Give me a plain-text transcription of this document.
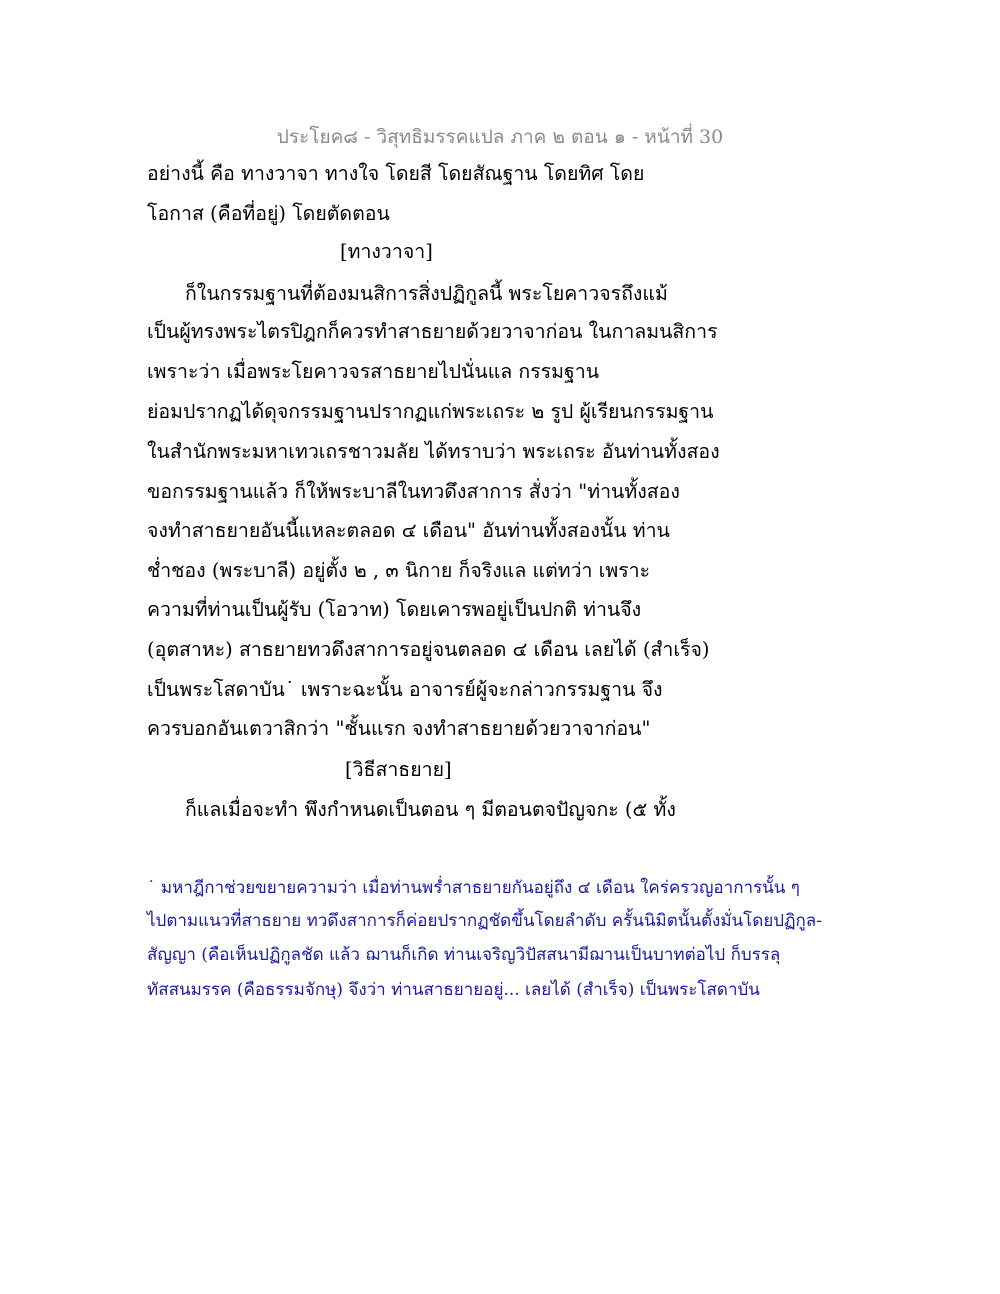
ประโยค๘ - วิสุทธิมรรคแปล ภาค ๒ ตอน ๑ - หน้าที่ 30
อย่างนี้ คือ ทางวาจา ทางใจ โดยสี โดยสัณฐาน โดยทิศ โดย
โอกาส (คือที่อยู่) โดยตัดตอน
[ทางวาจา]
ก็ในกรรมฐานที่ต้องมนสิการสิ่งปฏิกูลนี้ พระโยคาวจรถึงแม้
เป็นผู้ทรงพระไตรปิฎกก็ควรทำสาธยายด้วยวาจาก่อน ในกาลมนสิการ
เพราะว่า เมื่อพระโยคาวจรสาธยายไปนั่นแล กรรมฐาน
ย่อมปรากฏได้ดุจกรรมฐานปรากฏแก่พระเถระ ๒ รูป ผู้เรียนกรรมฐาน
ในสำนักพระมหาเทวเถรชาวมลัย ได้ทราบว่า พระเถระ อันท่านทั้งสอง
ขอกรรมฐานแล้ว ก็ให้พระบาลีในทวดึงสาการ สั่งว่า "ท่านทั้งสอง
จงทำสาธยายอันนี้แหละตลอด ๔ เดือน" อันท่านทั้งสองนั้น ท่าน
ช่ำชอง (พระบาลี) อยู่ตั้ง ๒ , ๓ นิกาย ก็จริงแล แต่ทว่า เพราะ
ความที่ท่านเป็นผู้รับ (โอวาท) โดยเคารพอยู่เป็นปกติ ท่านจึง
(อุตสาหะ) สาธยายทวดึงสาการอยู่จนตลอด ๔ เดือน เลยได้ (สำเร็จ)
เป็นพระโสดาบัน˙ เพราะฉะนั้น อาจารย์ผู้จะกล่าวกรรมฐาน จึง
ควรบอกอันเตวาสิกว่า "ชั้นแรก จงทำสาธยายด้วยวาจาก่อน"
[วิธีสาธยาย]
ก็แลเมื่อจะทำ พึงกำหนดเป็นตอน ๆ มีตอนตจปัญจกะ (๕ ทั้ง
˙ มหาฎีกาช่วยขยายความว่า เมื่อท่านพร่ำสาธยายกันอยู่ถึง ๔ เดือน ใคร่ครวญอาการนั้น ๆ
ไปตามแนวที่สาธยาย ทวดึงสาการก็ค่อยปรากฏชัดขึ้นโดยลำดับ ครั้นนิมิตนั้นตั้งมั่นโดยปฏิกูล-
สัญญา (คือเห็นปฏิกูลชัด แล้ว ฌานก็เกิด ท่านเจริญวิปัสสนามีฌานเป็นบาทต่อไป ก็บรรลุ
ทัสสนมรรค (คือธรรมจักษุ) จึงว่า ท่านสาธยายอยู่... เลยได้ (สำเร็จ) เป็นพระโสดาบัน
